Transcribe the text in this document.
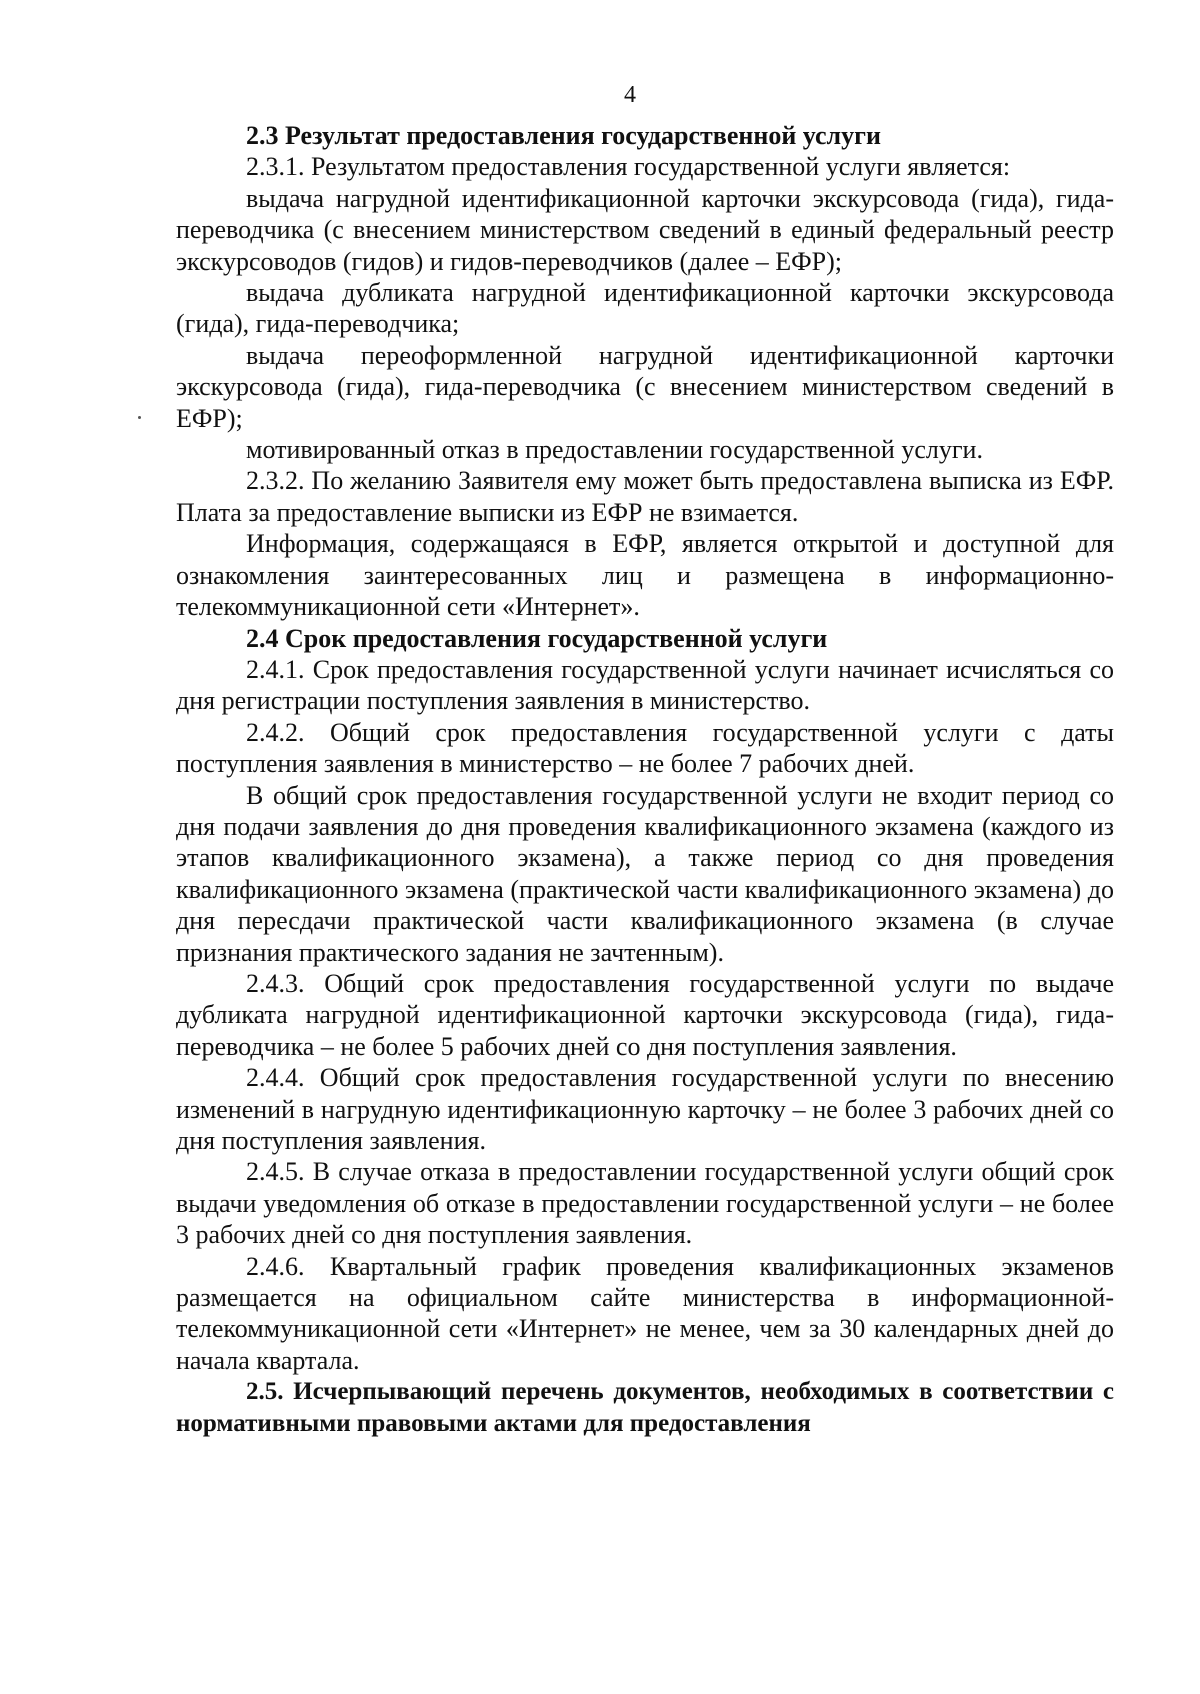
4

2.3 Результат предоставления государственной услуги

2.3.1. Результатом предоставления государственной услуги является:

выдача нагрудной идентификационной карточки экскурсовода (гида), гида-переводчика (с внесением министерством сведений в единый федеральный реестр экскурсоводов (гидов) и гидов-переводчиков (далее – ЕФР);

выдача дубликата нагрудной идентификационной карточки экскурсовода (гида), гида-переводчика;

выдача переоформленной нагрудной идентификационной карточки экскурсовода (гида), гида-переводчика (с внесением министерством сведений в ЕФР);

мотивированный отказ в предоставлении государственной услуги.

2.3.2. По желанию Заявителя ему может быть предоставлена выписка из ЕФР. Плата за предоставление выписки из ЕФР не взимается.

Информация, содержащаяся в ЕФР, является открытой и доступной для ознакомления заинтересованных лиц и размещена в информационно-телекоммуникационной сети «Интернет».

2.4 Срок предоставления государственной услуги

2.4.1. Срок предоставления государственной услуги начинает исчисляться со дня регистрации поступления заявления в министерство.

2.4.2. Общий срок предоставления государственной услуги с даты поступления заявления в министерство – не более 7 рабочих дней.

В общий срок предоставления государственной услуги не входит период со дня подачи заявления до дня проведения квалификационного экзамена (каждого из этапов квалификационного экзамена), а также период со дня проведения квалификационного экзамена (практической части квалификационного экзамена) до дня пересдачи практической части квалификационного экзамена (в случае признания практического задания не зачтенным).

2.4.3. Общий срок предоставления государственной услуги по выдаче дубликата нагрудной идентификационной карточки экскурсовода (гида), гида-переводчика – не более 5 рабочих дней со дня поступления заявления.

2.4.4. Общий срок предоставления государственной услуги по внесению изменений в нагрудную идентификационную карточку – не более 3 рабочих дней со дня поступления заявления.

2.4.5. В случае отказа в предоставлении государственной услуги общий срок выдачи уведомления об отказе в предоставлении государственной услуги – не более 3 рабочих дней со дня поступления заявления.

2.4.6. Квартальный график проведения квалификационных экзаменов размещается на официальном сайте министерства в информационной-телекоммуникационной сети «Интернет» не менее, чем за 30 календарных дней до начала квартала.

2.5. Исчерпывающий перечень документов, необходимых в соответствии с нормативными правовыми актами для предоставления
